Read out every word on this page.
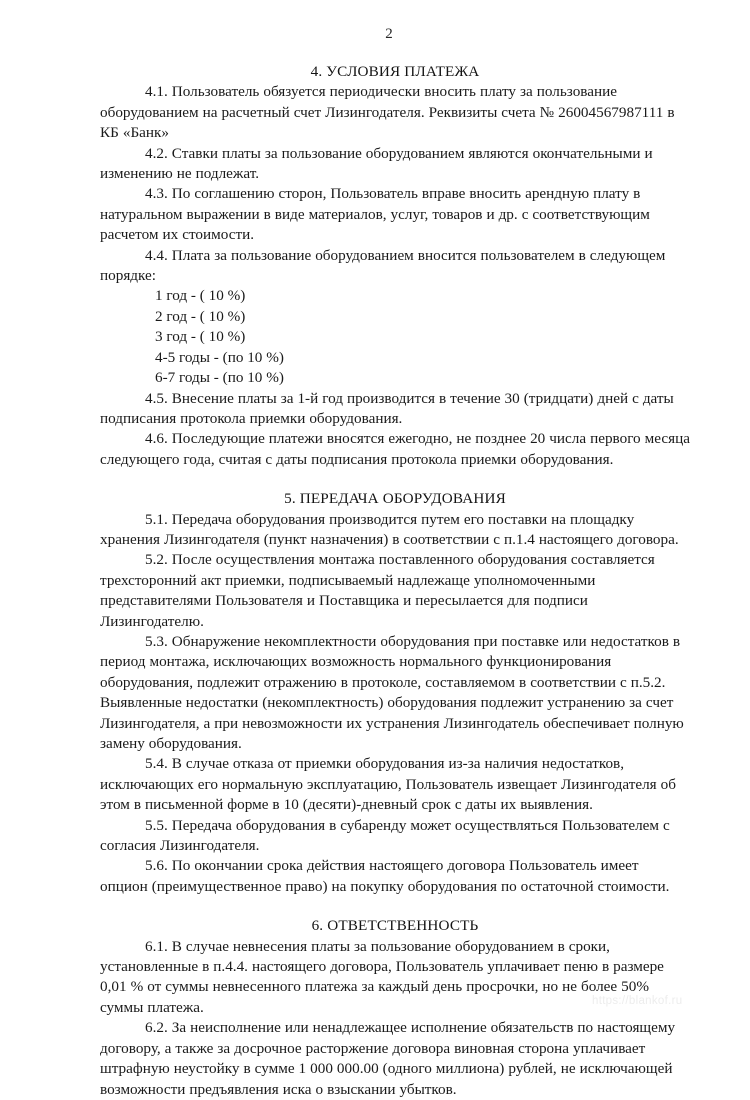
2
4. УСЛОВИЯ ПЛАТЕЖА

4.1. Пользователь обязуется периодически вносить плату за пользование оборудованием на расчетный счет Лизингодателя. Реквизиты счета № 26004567987111 в КБ «Банк»

4.2. Ставки платы за пользование оборудованием являются окончательными и изменению не подлежат.

4.3. По соглашению сторон, Пользователь вправе вносить арендную плату в натуральном выражении в виде материалов, услуг, товаров и др. с соответствующим расчетом их стоимости.

4.4. Плата за пользование оборудованием вносится пользователем в следующем порядке:

1 год - ( 10 %)
2 год - ( 10 %)
3 год - ( 10 %)
4-5 годы - (по 10 %)
6-7 годы - (по 10 %)

4.5. Внесение платы за 1-й год производится в течение 30 (тридцати) дней с даты подписания протокола приемки оборудования.

4.6. Последующие платежи вносятся ежегодно, не позднее 20 числа первого месяца следующего года, считая с даты подписания протокола приемки оборудования.

5. ПЕРЕДАЧА ОБОРУДОВАНИЯ

5.1. Передача оборудования производится путем его поставки на площадку хранения Лизингодателя (пункт назначения) в соответствии с п.1.4 настоящего договора.

5.2. После осуществления монтажа поставленного оборудования составляется трехсторонний акт приемки, подписываемый надлежаще уполномоченными представителями Пользователя и Поставщика и пересылается для подписи Лизингодателю.

5.3. Обнаружение некомплектности оборудования при поставке или недостатков в период монтажа, исключающих возможность нормального функционирования оборудования, подлежит отражению в протоколе, составляемом в соответствии с п.5.2. Выявленные недостатки (некомплектность) оборудования подлежит устранению за счет Лизингодателя, а при невозможности их устранения Лизингодатель обеспечивает полную замену оборудования.

5.4. В случае отказа от приемки оборудования из-за наличия недостатков, исключающих его нормальную эксплуатацию, Пользователь извещает Лизингодателя об этом в письменной форме в 10 (десяти)-дневный срок с даты их выявления.

5.5. Передача оборудования в субаренду может осуществляться Пользователем с согласия Лизингодателя.

5.6. По окончании срока действия настоящего договора Пользователь имеет опцион (преимущественное право) на покупку оборудования по остаточной стоимости.

6. ОТВЕТСТВЕННОСТЬ

6.1. В случае невнесения платы за пользование оборудованием в сроки, установленные в п.4.4. настоящего договора, Пользователь уплачивает пеню в размере 0,01 % от суммы невнесенного платежа за каждый день просрочки, но не более 50% суммы платежа.

6.2. За неисполнение или ненадлежащее исполнение обязательств по настоящему договору, а также за досрочное расторжение договора виновная сторона уплачивает штрафную неустойку в сумме 1 000 000.00 (одного миллиона) рублей, не исключающей возможности предъявления иска о взыскании убытков.

https://blankof.ru
